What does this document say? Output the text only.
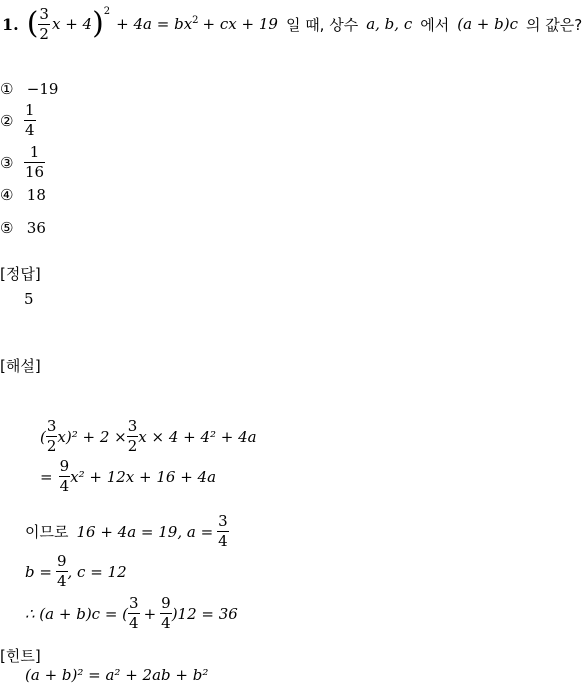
1. ( $\frac{3}{2}$ x + 4 ) 2
+ $4a = bx^2$ + cx + 19 일 때, 상수 a, b, c 에서 (a + b)c 의 값은?
① −19
② $\frac{1}{4}$
③ $\frac{1}{16}$
④ 18
⑤ 36
[정답]
5
[해설]
( $\frac{3}{2} x)^2 + 2 \times \frac{3}{2}$ x × 4 + 4² + 4a
= $\frac{9}{4} x^2 + 12x + 16 + 4a$
이므로 16 + 4a = 19, $a = \frac{3}{4}$
$b = \frac{9}{4}$ , c = 12
∴ (a + b)c = ( $\frac{3}{4} + \frac{9}{4} )12 = 36$
[힌트]
(a + b)² = a² + 2ab + b²
